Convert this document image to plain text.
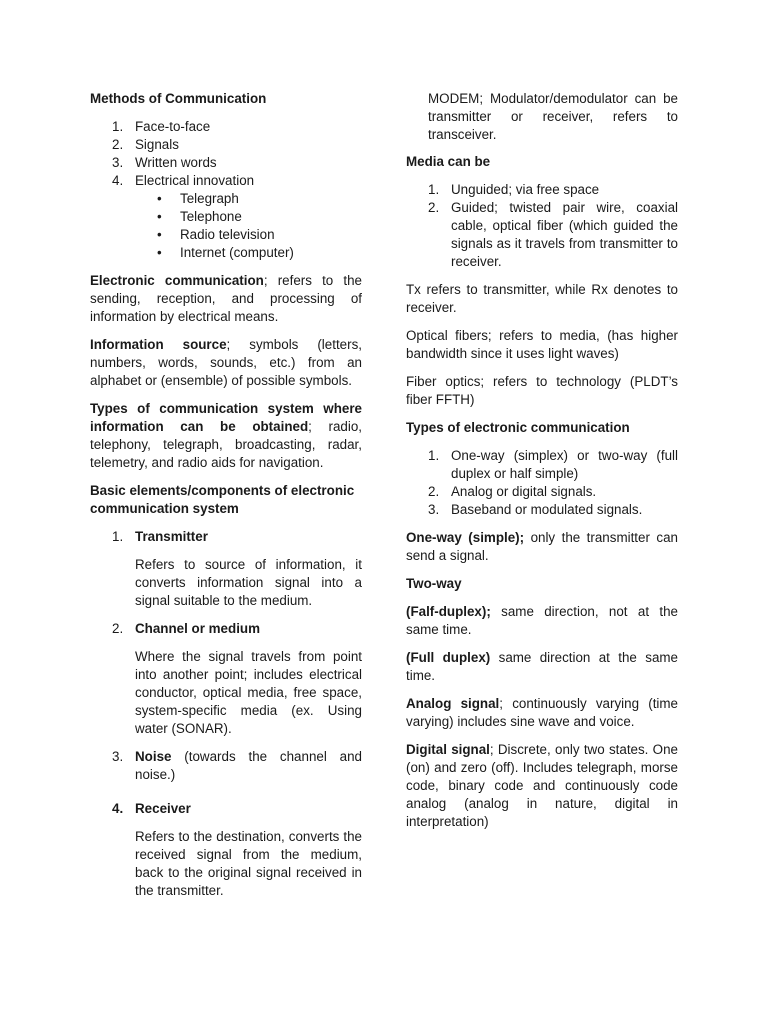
Methods of Communication
1. Face-to-face
2. Signals
3. Written words
4. Electrical innovation
• Telegraph
• Telephone
• Radio television
• Internet (computer)

Electronic communication; refers to the sending, reception, and processing of information by electrical means.

Information source; symbols (letters, numbers, words, sounds, etc.) from an alphabet or (ensemble) of possible symbols.

Types of communication system where information can be obtained; radio, telephony, telegraph, broadcasting, radar, telemetry, and radio aids for navigation.

Basic elements/components of electronic communication system
1. Transmitter

Refers to source of information, it converts information signal into a signal suitable to the medium.

2. Channel or medium

Where the signal travels from point into another point; includes electrical conductor, optical media, free space, system-specific media (ex. Using water (SONAR).

3. Noise (towards the channel and noise.)
4. Receiver

Refers to the destination, converts the received signal from the medium, back to the original signal received in the transmitter.

MODEM; Modulator/demodulator can be transmitter or receiver, refers to transceiver.

Media can be
1. Unguided; via free space
2. Guided; twisted pair wire, coaxial cable, optical fiber (which guided the signals as it travels from transmitter to receiver.

Tx refers to transmitter, while Rx denotes to receiver.

Optical fibers; refers to media, (has higher bandwidth since it uses light waves)

Fiber optics; refers to technology (PLDT’s fiber FFTH)

Types of electronic communication
1. One-way (simplex) or two-way (full duplex or half simple)
2. Analog or digital signals.
3. Baseband or modulated signals.

One-way (simple); only the transmitter can send a signal.

Two-way

(Falf-duplex); same direction, not at the same time.

(Full duplex) same direction at the same time.

Analog signal; continuously varying (time varying) includes sine wave and voice.

Digital signal; Discrete, only two states. One (on) and zero (off). Includes telegraph, morse code, binary code and continuously code analog (analog in nature, digital in interpretation)
